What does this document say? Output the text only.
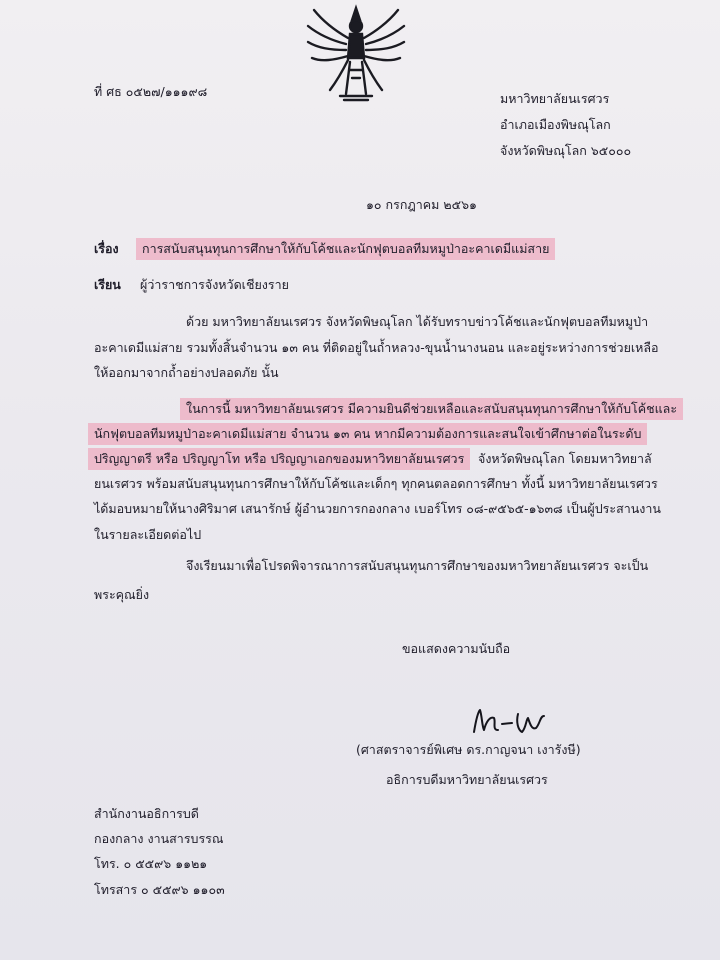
ที่ ศธ ๐๕๒๗/๑๑๑๙๘	มหาวิทยาลัยนเรศวร
อำเภอเมืองพิษณุโลก
จังหวัดพิษณุโลก ๖๕๐๐๐
๑๐ กรกฎาคม ๒๕๖๑
เรื่อง	การสนับสนุนทุนการศึกษาให้กับโค้ชและนักฟุตบอลทีมหมูป่าอะคาเดมีแม่สาย
เรียน ผู้ว่าราชการจังหวัดเชียงราย
ด้วย มหาวิทยาลัยนเรศวร จังหวัดพิษณุโลก ได้รับทราบข่าวโค้ชและนักฟุตบอลทีมหมูป่า
อะคาเดมีแม่สาย รวมทั้งสิ้นจำนวน ๑๓ คน ที่ติดอยู่ในถ้ำหลวง-ขุนน้ำนางนอน และอยู่ระหว่างการช่วยเหลือ
ให้ออกมาจากถ้ำอย่างปลอดภัย นั้น
ในการนี้ มหาวิทยาลัยนเรศวร มีความยินดีช่วยเหลือและสนับสนุนทุนการศึกษาให้กับโค้ชและ
นักฟุตบอลทีมหมูป่าอะคาเดมีแม่สาย จำนวน ๑๓ คน หากมีความต้องการและสนใจเข้าศึกษาต่อในระดับ
ปริญญาตรี หรือ ปริญญาโท หรือ ปริญญาเอกของมหาวิทยาลัยนเรศวร	จังหวัดพิษณุโลก โดยมหาวิทยาลั
ยนเรศวร พร้อมสนับสนุนทุนการศึกษาให้กับโค้ชและเด็กๆ ทุกคนตลอดการศึกษา ทั้งนี้ มหาวิทยาลัยนเรศวร
ได้มอบหมายให้นางศิริมาศ เสนารักษ์ ผู้อำนวยการกองกลาง เบอร์โทร ๐๘-๙๕๖๕-๑๖๓๘ เป็นผู้ประสานงาน
ในรายละเอียดต่อไป
จึงเรียนมาเพื่อโปรดพิจารณาการสนับสนุนทุนการศึกษาของมหาวิทยาลัยนเรศวร จะเป็น
พระคุณยิ่ง
ขอแสดงความนับถือ
(ศาสตราจารย์พิเศษ ดร.กาญจนา เงารังษี)
อธิการบดีมหาวิทยาลัยนเรศวร
สำนักงานอธิการบดี
กองกลาง งานสารบรรณ
โทร. ๐ ๕๕๙๖ ๑๑๒๑
โทรสาร ๐ ๕๕๙๖ ๑๑๐๓
